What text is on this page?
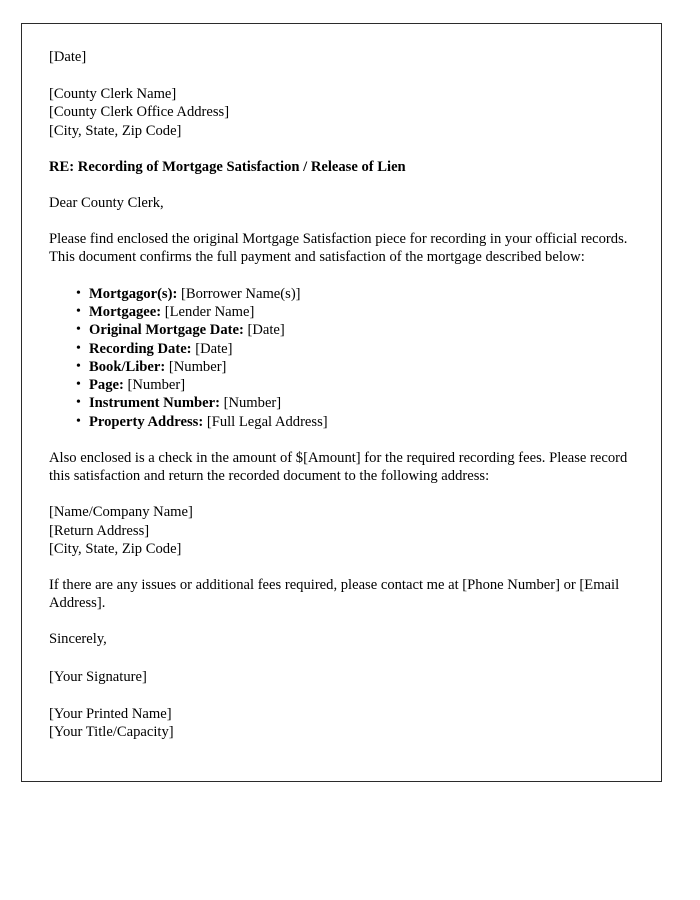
[Date]
[County Clerk Name]
[County Clerk Office Address]
[City, State, Zip Code]
RE: Recording of Mortgage Satisfaction / Release of Lien
Dear County Clerk,

Please find enclosed the original Mortgage Satisfaction piece for recording in your official records. This document confirms the full payment and satisfaction of the mortgage described below:

• Mortgagor(s): [Borrower Name(s)]
• Mortgagee: [Lender Name]
• Original Mortgage Date: [Date]
• Recording Date: [Date]
• Book/Liber: [Number]
• Page: [Number]
• Instrument Number: [Number]
• Property Address: [Full Legal Address]

Also enclosed is a check in the amount of $[Amount] for the required recording fees. Please record this satisfaction and return the recorded document to the following address:

[Name/Company Name]
[Return Address]
[City, State, Zip Code]

If there are any issues or additional fees required, please contact me at [Phone Number] or [Email Address].

Sincerely,
[Your Signature]
[Your Printed Name]
[Your Title/Capacity]
